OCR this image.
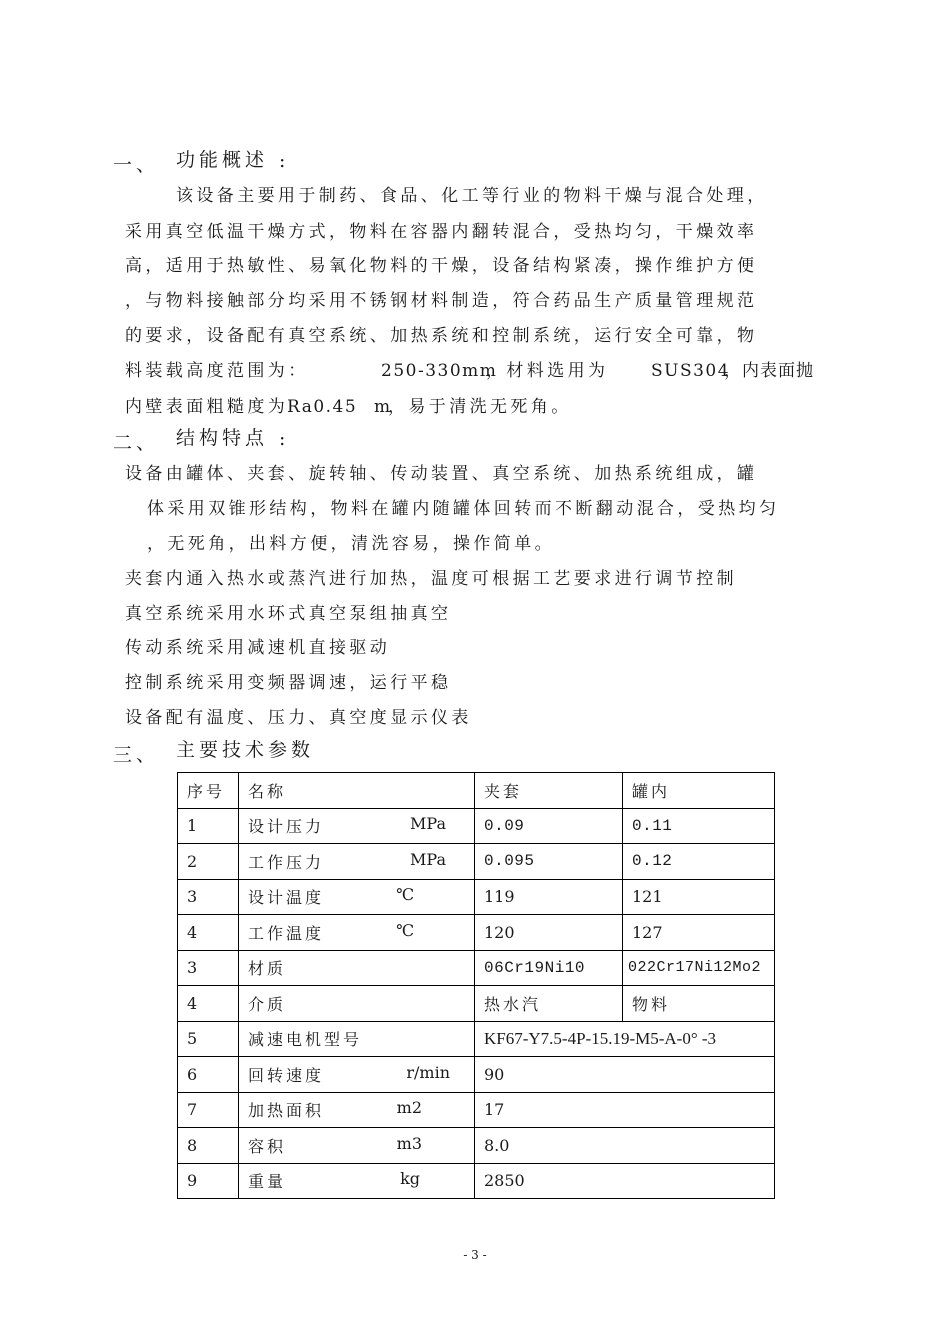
一、 功能概述 :
该设备主要用于制药、食品、化工等行业的物料干燥与混合处理，
采用真空低温干燥方式，物料在容器内翻转混合，受热均匀，干燥效率
高，适用于热敏性、易氧化物料的干燥，设备结构紧凑，操作维护方便
，与物料接触部分均采用不锈钢材料制造，符合药品生产质量管理规范
的要求，设备配有真空系统、加热系统和控制系统，运行安全可靠，物
料装载高度范围为：	250-330mm
，材料选用为	SUS304
，内表面抛
内壁表面粗糙度为
Ra0.45 m
，易于清洗无死角。
二、 结构特点 :
设备由罐体、夹套、旋转轴、传动装置、真空系统、加热系统组成，罐
体采用双锥形结构，物料在罐内随罐体回转而不断翻动混合，受热均匀
，无死角，出料方便，清洗容易，操作简单。
夹套内通入热水或蒸汽进行加热，温度可根据工艺要求进行调节控制
真空系统采用水环式真空泵组抽真空
传动系统采用减速机直接驱动
控制系统采用变频器调速，运行平稳
设备配有温度、压力、真空度显示仪表
三、 主要技术参数
序号	名称	夹套	罐内
1	设计压力 MPa	0.09	0.11
2	工作压力 MPa	0.095	0.12
3	设计温度 ℃	119	121
4	工作温度 ℃	120	127
3	材质	06Cr19Ni10	022Cr17Ni12Mo2
4	介质	热水汽	物料
5	减速电机型号	KF67-Y7.5-4P-15.19-M5-A-0° -3	
6	回转速度 r/min	90	
7	加热面积 m2	17	
8	容积 m3	8.0	
9	重量 kg	2850	
- 3 -
